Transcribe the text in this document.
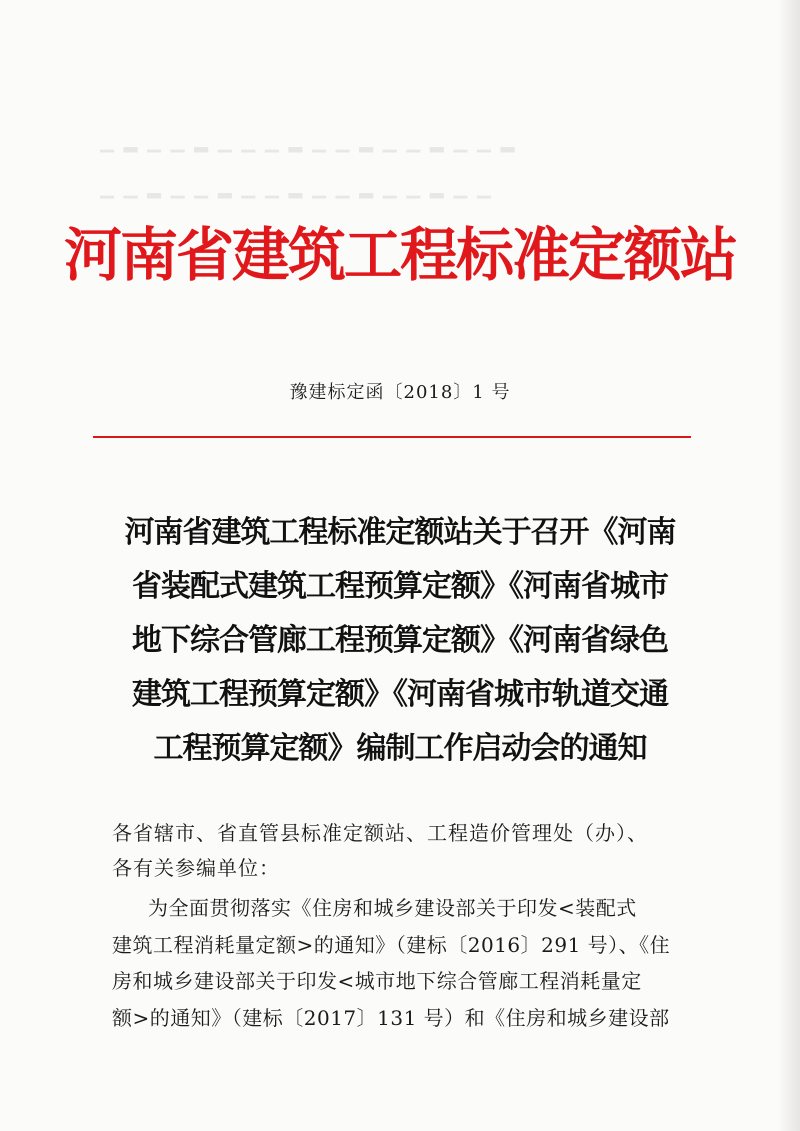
▁ ▂ ▁ ▁ ▂ ▁ ▁ ▁ ▂ ▁ ▁ ▂ ▁ ▁ ▂ ▁ ▁ ▂
▁ ▁ ▂ ▁ ▁ ▂ ▁ ▁ ▂ ▁ ▁ ▂ ▁ ▁ ▂ ▁ ▁
河南省建筑工程标准定额站
豫建标定函〔2018〕1 号
河南省建筑工程标准定额站关于召开《河南
省装配式建筑工程预算定额》《河南省城市
地下综合管廊工程预算定额》《河南省绿色
建筑工程预算定额》《河南省城市轨道交通
工程预算定额》编制工作启动会的通知
各省辖市、省直管县标准定额站、工程造价管理处（办）、
各有关参编单位：
为全面贯彻落实《住房和城乡建设部关于印发<装配式
建筑工程消耗量定额>的通知》（建标〔2016〕291 号）、《住
房和城乡建设部关于印发<城市地下综合管廊工程消耗量定
额>的通知》（建标〔2017〕131 号）和《住房和城乡建设部
